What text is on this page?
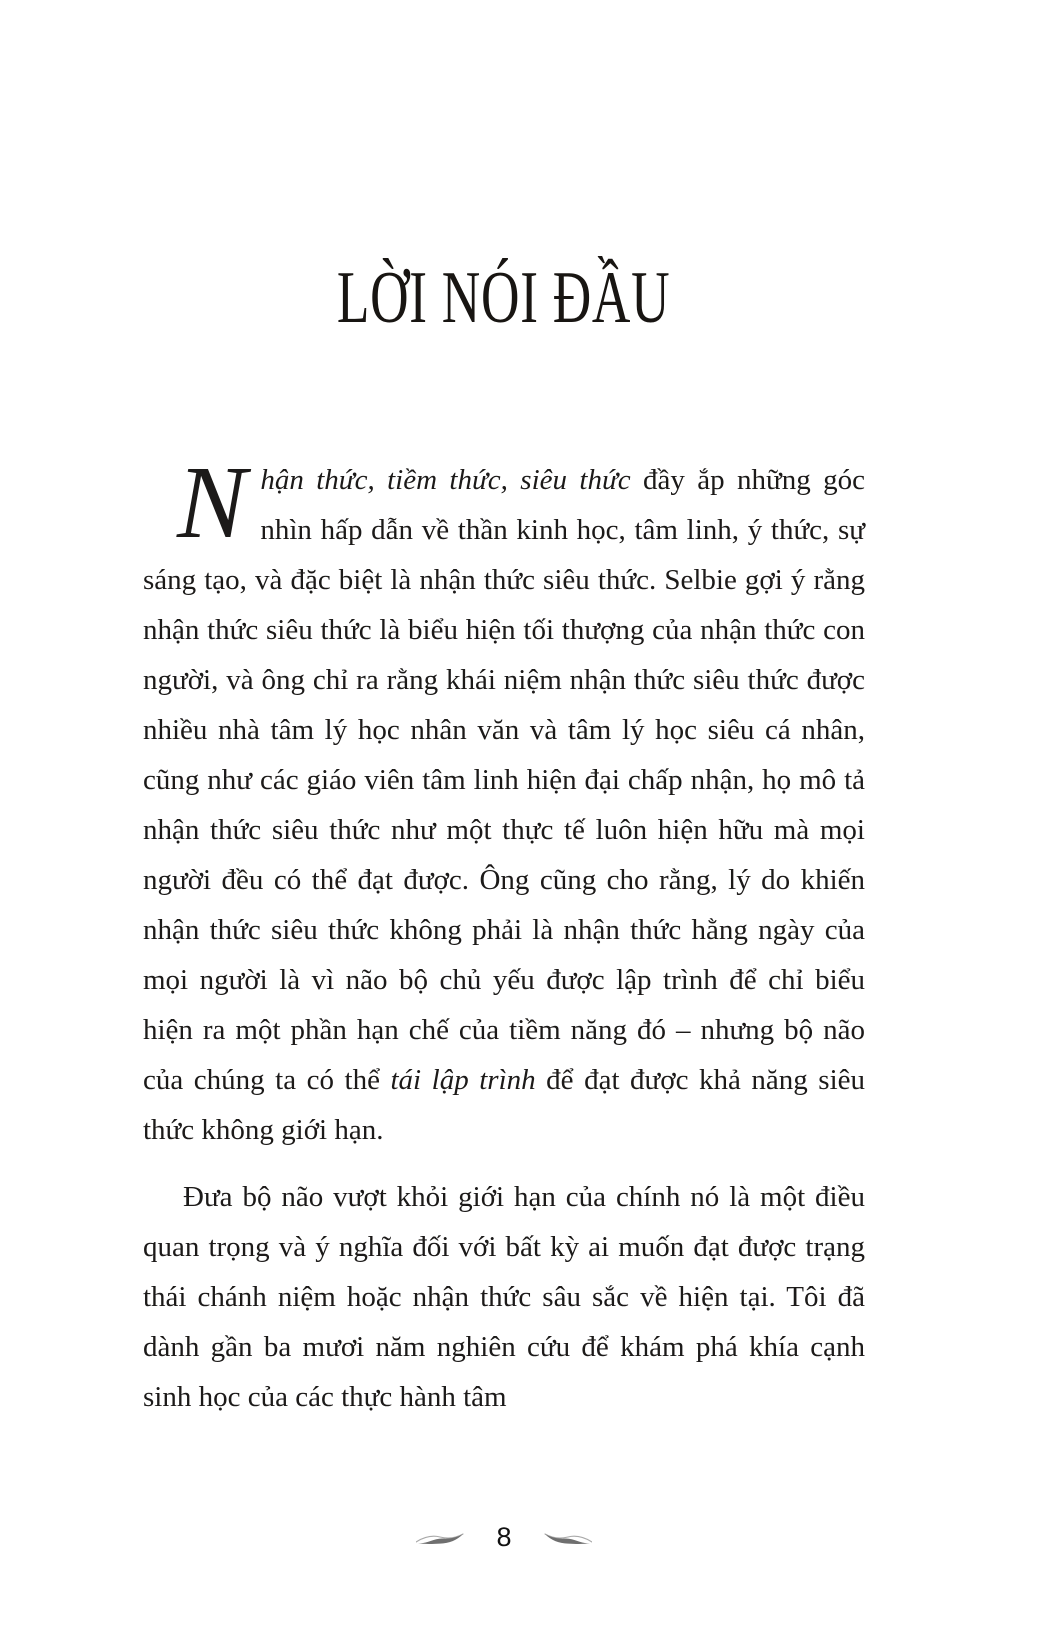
LỜI NÓI ĐẦU

Nhận thức, tiềm thức, siêu thức đầy ắp những góc nhìn hấp dẫn về thần kinh học, tâm linh, ý thức, sự sáng tạo, và đặc biệt là nhận thức siêu thức. Selbie gợi ý rằng nhận thức siêu thức là biểu hiện tối thượng của nhận thức con người, và ông chỉ ra rằng khái niệm nhận thức siêu thức được nhiều nhà tâm lý học nhân văn và tâm lý học siêu cá nhân, cũng như các giáo viên tâm linh hiện đại chấp nhận, họ mô tả nhận thức siêu thức như một thực tế luôn hiện hữu mà mọi người đều có thể đạt được. Ông cũng cho rằng, lý do khiến nhận thức siêu thức không phải là nhận thức hằng ngày của mọi người là vì não bộ chủ yếu được lập trình để chỉ biểu hiện ra một phần hạn chế của tiềm năng đó – nhưng bộ não của chúng ta có thể tái lập trình để đạt được khả năng siêu thức không giới hạn.

Đưa bộ não vượt khỏi giới hạn của chính nó là một điều quan trọng và ý nghĩa đối với bất kỳ ai muốn đạt được trạng thái chánh niệm hoặc nhận thức sâu sắc về hiện tại. Tôi đã dành gần ba mươi năm nghiên cứu để khám phá khía cạnh sinh học của các thực hành tâm

8
